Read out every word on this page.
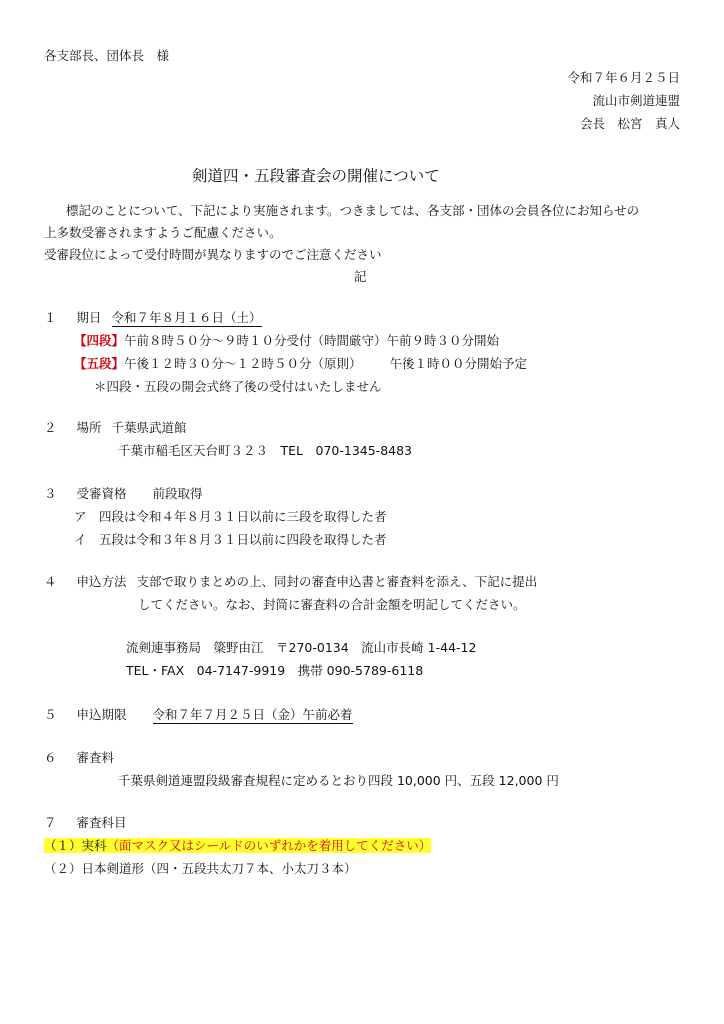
各支部長、団体長　様
令和７年６月２５日
流山市剣道連盟
会長　松宮　真人
剣道四・五段審査会の開催について
標記のことについて、下記により実施されます。つきましては、各支部・団体の会員各位にお知らせの
上多数受審されますようご配慮ください。
受審段位によって受付時間が異なりますのでご注意ください
記
１ 期日 令和７年８月１６日（土）
【四段】午前８時５０分～９時１０分受付（時間厳守）午前９時３０分開始
【五段】午後１２時３０分～１２時５０分（原則） 午後１時００分開始予定
＊四段・五段の開会式終了後の受付はいたしません
２ 場所 千葉県武道館
千葉市稲毛区天台町３２３　TEL　070-1345-8483
３ 受審資格 前段取得
ア　四段は令和４年８月３１日以前に三段を取得した者
イ　五段は令和３年８月３１日以前に四段を取得した者
４ 申込方法 支部で取りまとめの上、同封の審査申込書と審査料を添え、下記に提出
してください。なお、封筒に審査料の合計金額を明記してください。
流剣連事務局　簗野由江　〒270-0134　流山市長崎 1-44-12
TEL・FAX　04-7147-9919　携帯 090-5789-6118
５ 申込期限 令和７年７月２５日（金）午前必着
６ 審査料
千葉県剣道連盟段級審査規程に定めるとおり四段 10,000 円、五段 12,000 円
７ 審査科目
（１）実科（面マスク又はシールドのいずれかを着用してください）
（２）日本剣道形（四・五段共太刀７本、小太刀３本）
